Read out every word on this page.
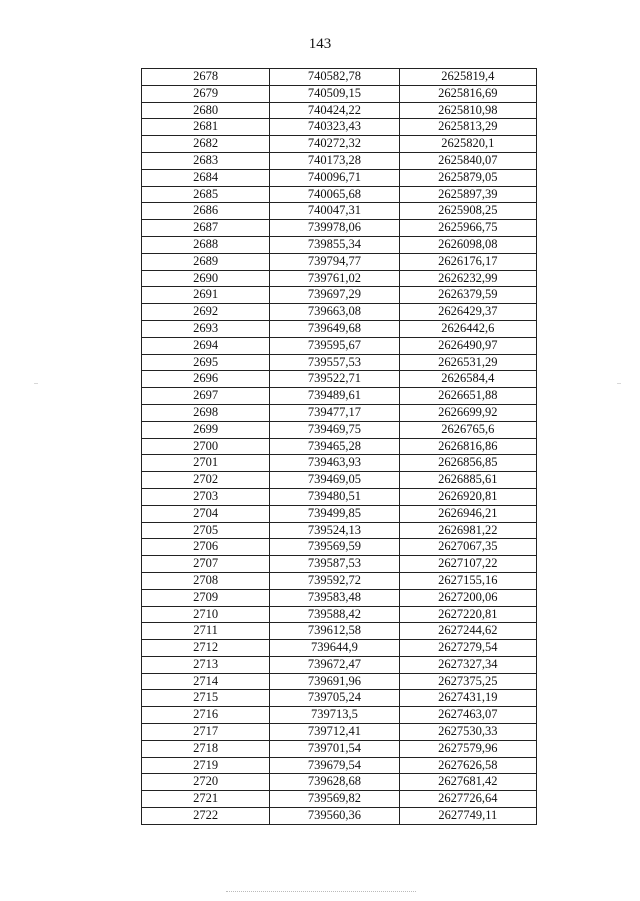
143
2678	740582,78	2625819,4
2679	740509,15	2625816,69
2680	740424,22	2625810,98
2681	740323,43	2625813,29
2682	740272,32	2625820,1
2683	740173,28	2625840,07
2684	740096,71	2625879,05
2685	740065,68	2625897,39
2686	740047,31	2625908,25
2687	739978,06	2625966,75
2688	739855,34	2626098,08
2689	739794,77	2626176,17
2690	739761,02	2626232,99
2691	739697,29	2626379,59
2692	739663,08	2626429,37
2693	739649,68	2626442,6
2694	739595,67	2626490,97
2695	739557,53	2626531,29
2696	739522,71	2626584,4
2697	739489,61	2626651,88
2698	739477,17	2626699,92
2699	739469,75	2626765,6
2700	739465,28	2626816,86
2701	739463,93	2626856,85
2702	739469,05	2626885,61
2703	739480,51	2626920,81
2704	739499,85	2626946,21
2705	739524,13	2626981,22
2706	739569,59	2627067,35
2707	739587,53	2627107,22
2708	739592,72	2627155,16
2709	739583,48	2627200,06
2710	739588,42	2627220,81
2711	739612,58	2627244,62
2712	739644,9	2627279,54
2713	739672,47	2627327,34
2714	739691,96	2627375,25
2715	739705,24	2627431,19
2716	739713,5	2627463,07
2717	739712,41	2627530,33
2718	739701,54	2627579,96
2719	739679,54	2627626,58
2720	739628,68	2627681,42
2721	739569,82	2627726,64
2722	739560,36	2627749,11
..	..
